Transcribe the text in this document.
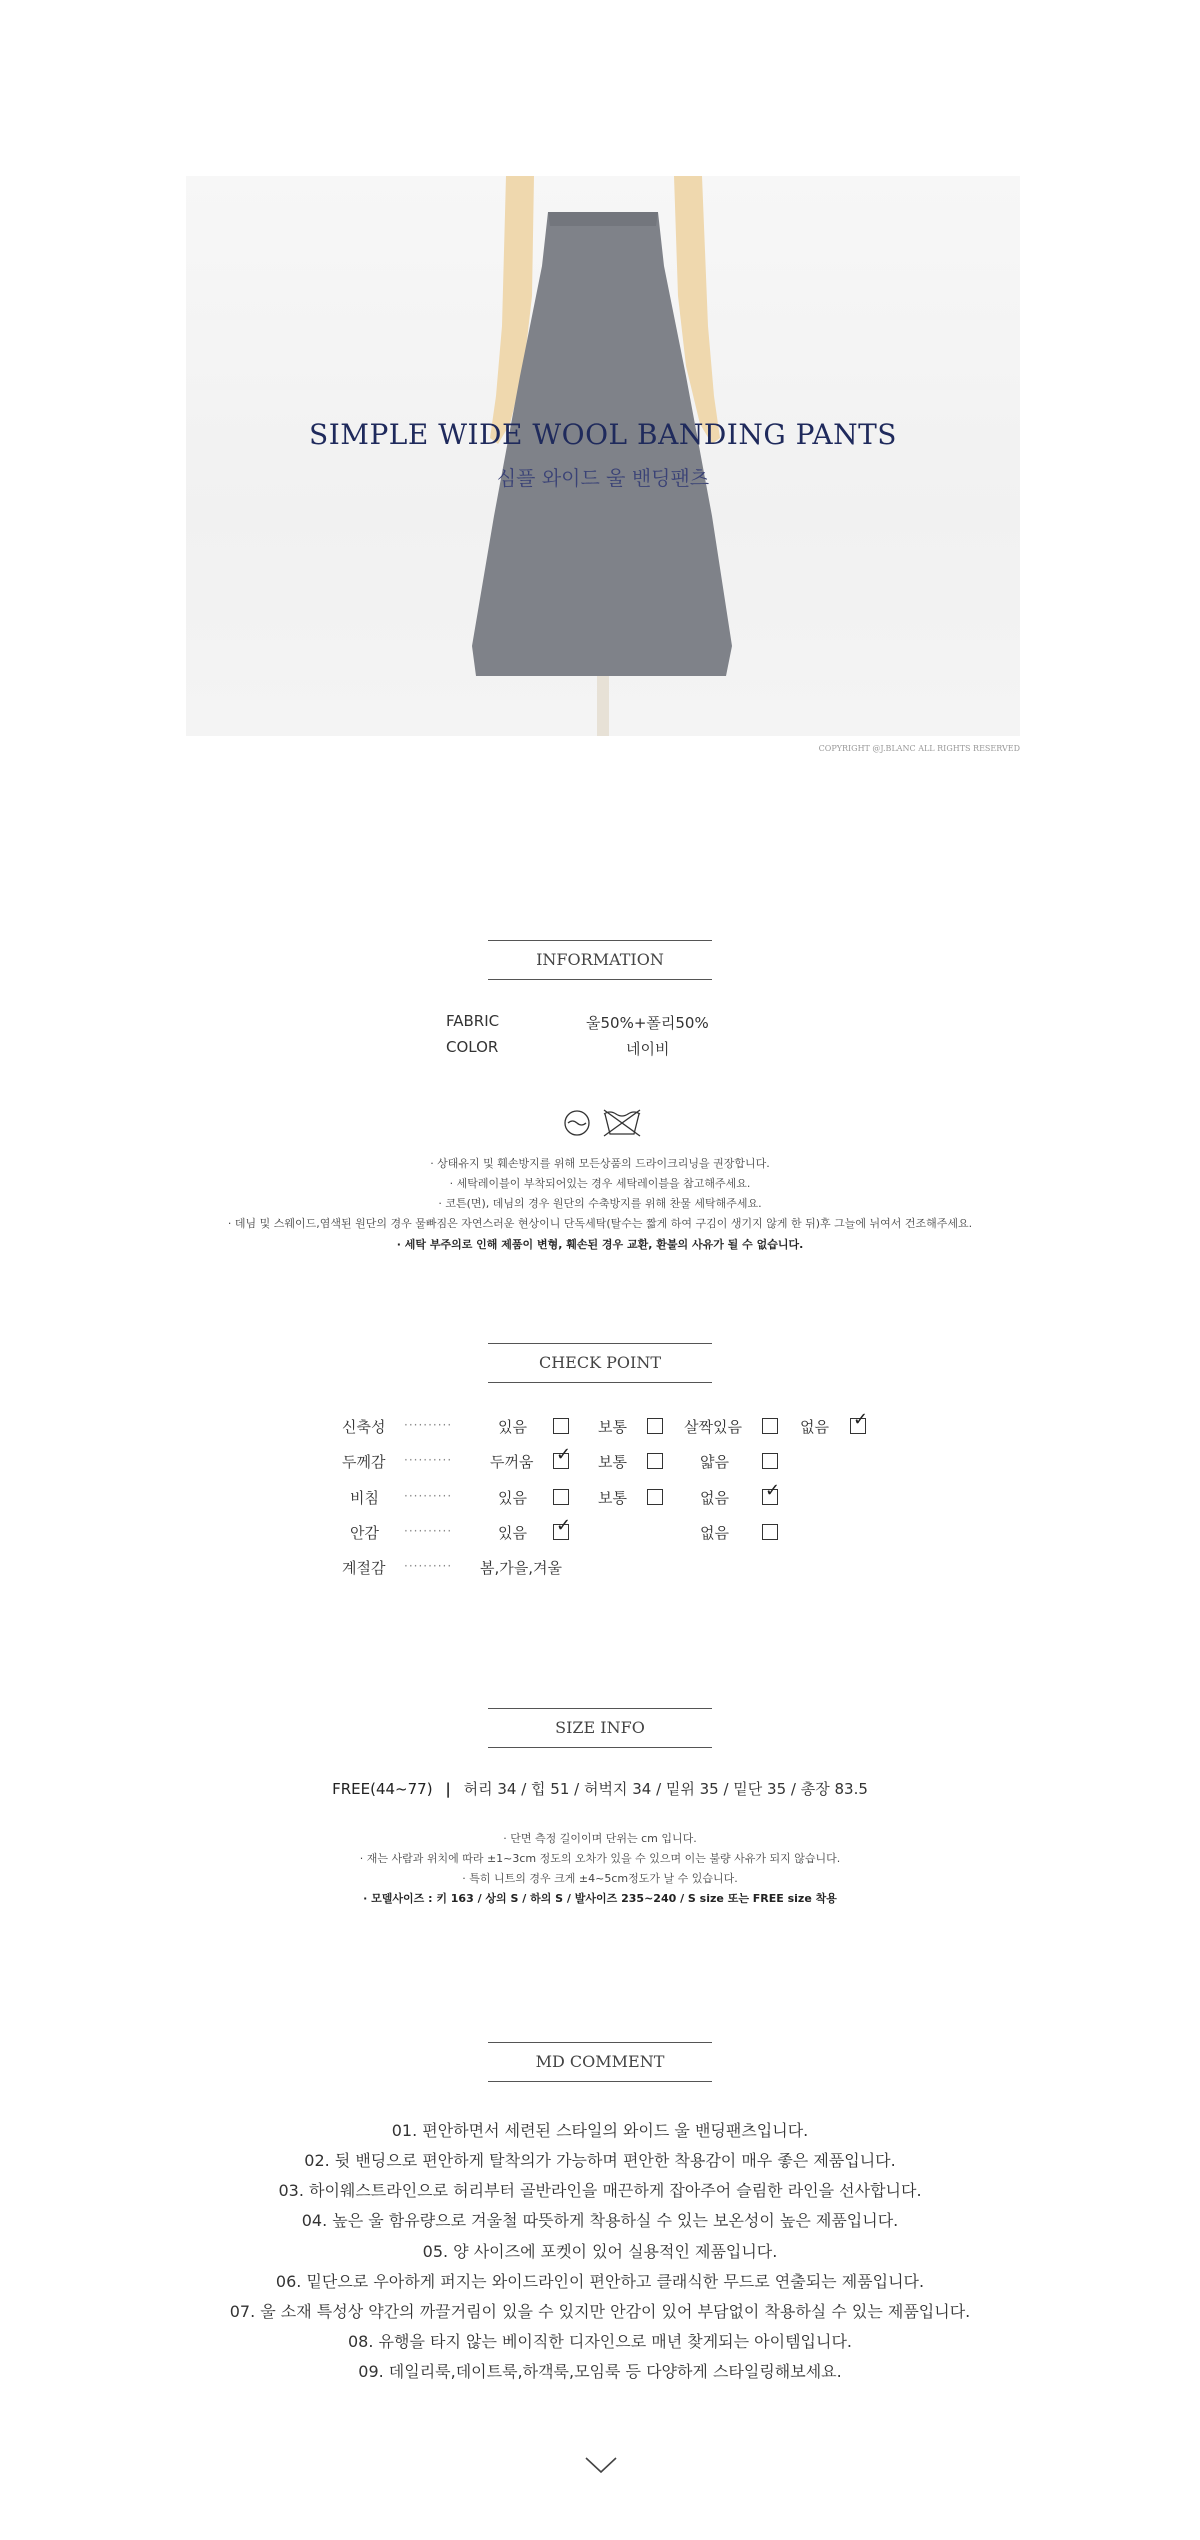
SIMPLE WIDE WOOL BANDING PANTS
심플 와이드 울 밴딩팬츠
COPYRIGHT @J.BLANC ALL RIGHTS RESERVED
INFORMATION
FABRIC	울50%+폴리50%
COLOR	네이비
· 상태유지 및 훼손방지를 위해 모든상품의 드라이크리닝을 권장합니다.
· 세탁레이블이 부착되어있는 경우 세탁레이블을 참고해주세요.
· 코튼(면), 데님의 경우 원단의 수축방지를 위해 찬물 세탁해주세요.
· 데님 및 스웨이드,염색된 원단의 경우 물빠짐은 자연스러운 현상이니 단독세탁(탈수는 짧게 하여 구김이 생기지 않게 한 뒤)후 그늘에 뉘여서 건조해주세요.
· 세탁 부주의로 인해 제품이 변형, 훼손된 경우 교환, 환불의 사유가 될 수 없습니다.
CHECK POINT
신축성 ··········	있음	보통	살짝있음	없음 ✓
두께감 ··········	두꺼움 ✓ 보통	얇음
비침 ··········	있음	보통	없음 ✓
안감 ··········	있음 ✓	없음
계절감 ·········· 봄,가을,겨울
SIZE INFO
FREE(44~77) | 허리 34 / 힙 51 / 허벅지 34 / 밑위 35 / 밑단 35 / 총장 83.5
· 단면 측정 길이이며 단위는 cm 입니다.
· 재는 사람과 위치에 따라 ±1~3cm 정도의 오차가 있을 수 있으며 이는 불량 사유가 되지 않습니다.
· 특히 니트의 경우 크게 ±4~5cm정도가 날 수 있습니다.
· 모델사이즈 : 키 163 / 상의 S / 하의 S / 발사이즈 235~240 / S size 또는 FREE size 착용
MD COMMENT
01. 편안하면서 세련된 스타일의 와이드 울 밴딩팬츠입니다.
02. 뒷 밴딩으로 편안하게 탈착의가 가능하며 편안한 착용감이 매우 좋은 제품입니다.
03. 하이웨스트라인으로 허리부터 골반라인을 매끈하게 잡아주어 슬림한 라인을 선사합니다.
04. 높은 울 함유량으로 겨울철 따뜻하게 착용하실 수 있는 보온성이 높은 제품입니다.
05. 양 사이즈에 포켓이 있어 실용적인 제품입니다.
06. 밑단으로 우아하게 퍼지는 와이드라인이 편안하고 클래식한 무드로 연출되는 제품입니다.
07. 울 소재 특성상 약간의 까끌거림이 있을 수 있지만 안감이 있어 부담없이 착용하실 수 있는 제품입니다.
08. 유행을 타지 않는 베이직한 디자인으로 매년 찾게되는 아이템입니다.
09. 데일리룩,데이트룩,하객룩,모임룩 등 다양하게 스타일링해보세요.
